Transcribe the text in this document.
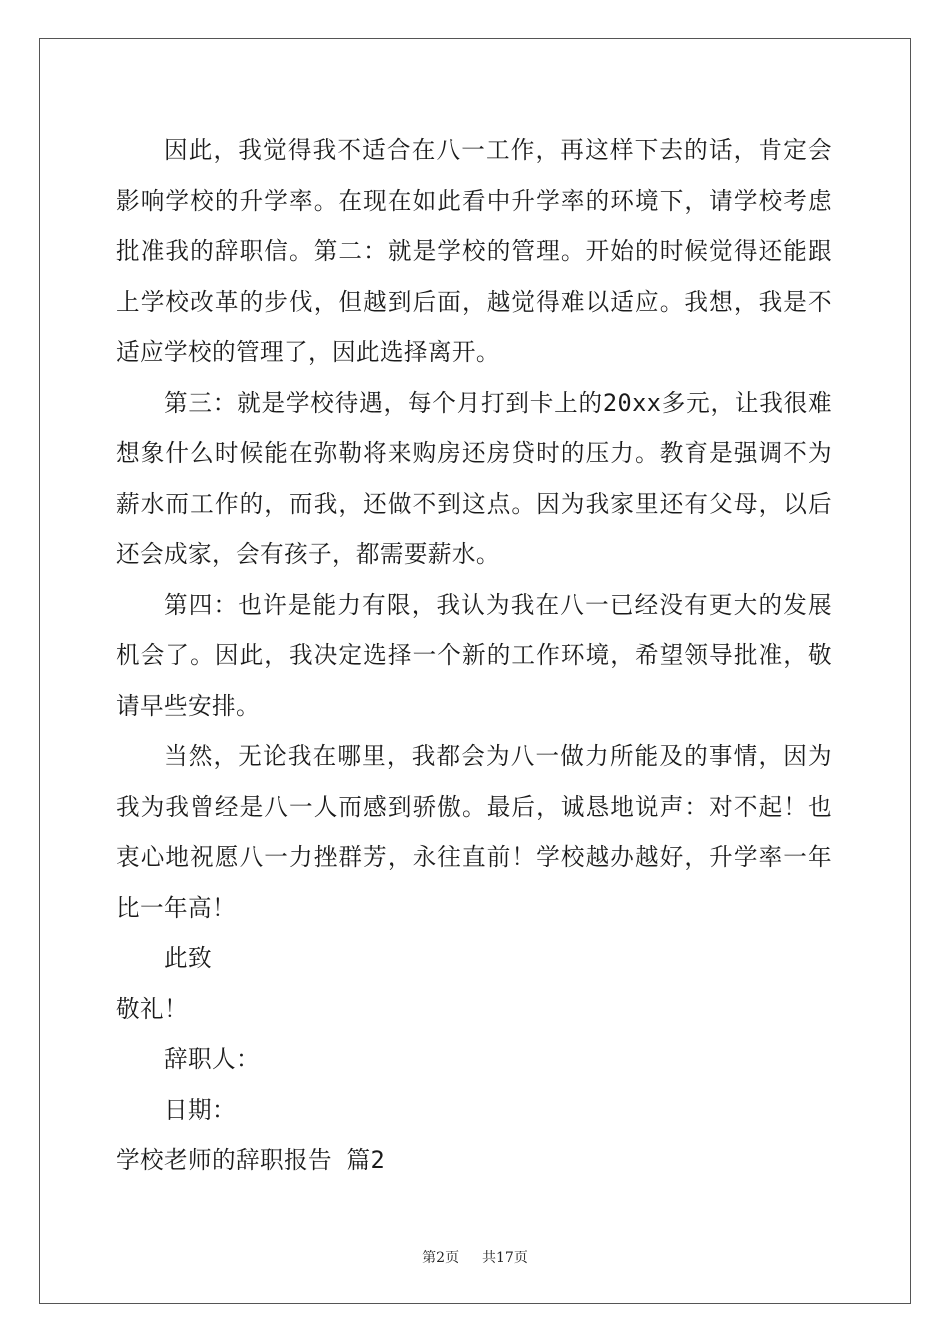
因此，我觉得我不适合在八一工作，再这样下去的话，肯定会影响学校的升学率。在现在如此看中升学率的环境下，请学校考虑批准我的辞职信。第二：就是学校的管理。开始的时候觉得还能跟上学校改革的步伐，但越到后面，越觉得难以适应。我想，我是不适应学校的管理了，因此选择离开。

第三：就是学校待遇，每个月打到卡上的20xx多元，让我很难想象什么时候能在弥勒将来购房还房贷时的压力。教育是强调不为薪水而工作的，而我，还做不到这点。因为我家里还有父母，以后还会成家，会有孩子，都需要薪水。

第四：也许是能力有限，我认为我在八一已经没有更大的发展机会了。因此，我决定选择一个新的工作环境，希望领导批准，敬请早些安排。

当然，无论我在哪里，我都会为八一做力所能及的事情，因为我为我曾经是八一人而感到骄傲。最后，诚恳地说声：对不起！也衷心地祝愿八一力挫群芳，永往直前！学校越办越好，升学率一年比一年高！

此致

敬礼！

辞职人：

日期：

学校老师的辞职报告 篇2

第2页 共17页
